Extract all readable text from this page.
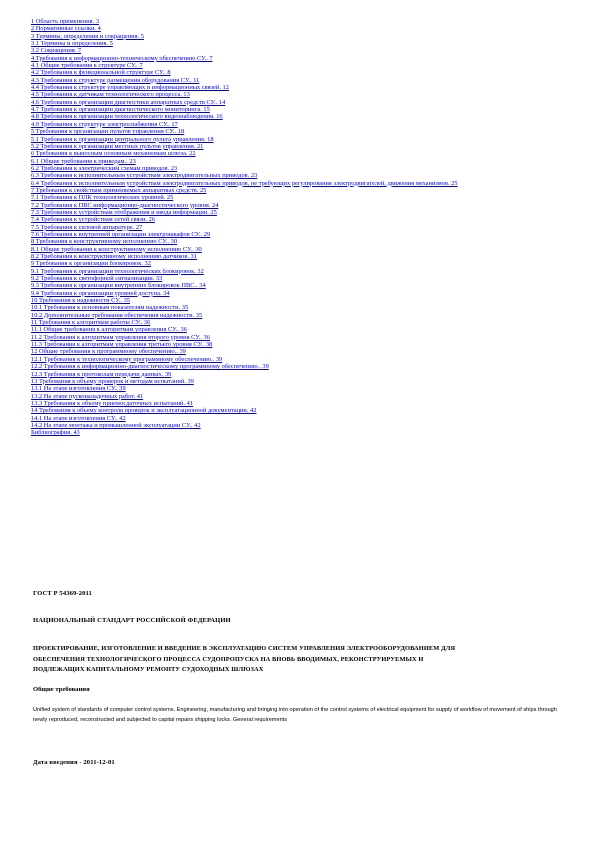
1 Область применения. 3
2 Нормативные ссылки. 4
3 Термины, определения и сокращения. 5
3.1 Термины и определения. 5
3.2 Сокращения. 7
4 Требования к информационно-техническому обеспечению СУ.. 7
4.1 Общие требования к структуре СУ.. 7
4.2 Требования к функциональной структуре СУ.. 8
4.3 Требования к структуре размещения оборудования СУ.. 11
4.4 Требования к структуре управляющих и информационных связей. 12
4.5 Требования к датчикам технологического процесса. 13
4.6 Требования к организации диагностики аппаратных средств СУ.. 14
4.7 Требования к организации диагностического мониторинга. 15
4.8 Требования к организации технологического видеонаблюдения. 16
4.9 Требования к структуре электроснабжения СУ.. 17
5 Требования к организации пультов управления СУ.. 18
5.1 Требования к организации центрального пульта управления. 18
5.2 Требования к организации местных пультов управления. 21
6 Требования к выносным основным механизмам шлюза. 22
6.1 Общие требования к приводам.. 23
6.2 Требования к электрическим схемам приводов. 23
6.3 Требования к исполнительным устройствам электродвигательных приводов. 23
6.4 Требования к исполнительным устройствам электродвигательных приводов, не требующих регулирования электродвигателей, движения механизмов. 25
7 Требования к свойствам применяемых аппаратных средств. 25
7.1 Требования к ПЛК технологических уровней. 25
7.2 Требования к ПВС информационно-диагностического уровня. 24
7.3 Требования к устройствам отображения и ввода информации. 25
7.4 Требования к устройствам сетей связи. 26
7.5 Требования к силовой аппаратуре. 27
7.6 Требования к внутренней организации электрошкафов СУ.. 29
8 Требования к конструктивному исполнению СУ.. 30
8.1 Общие требования к конструктивному исполнению СУ.. 30
8.2 Требования к конструктивному исполнению датчиков. 31
9 Требования к организации блокировок. 32
9.1 Требования к организации технологических блокировок. 32
9.2 Требования к светофорной сигнализации. 33
9.3 Требования к организации внутренних блокировок ПВС.. 34
9.4 Требования к организации уровней доступа. 34
10 Требования к надежности СУ.. 35
10.1 Требования к основным показателям надежности. 35
10.2 Дополнительные требования обеспечения надежности. 35
11 Требования к алгоритмам работы СУ.. 36
11.1 Общие требования к алгоритмам управления СУ.. 36
11.2 Требования к алгоритмам управления второго уровня СУ.. 36
11.3 Требования к алгоритмам управления третьего уровня СУ.. 38
12 Общие требования к программному обеспечению.. 39
12.1 Требования к технологическому программному обеспечению.. 39
12.2 Требования к информационно-диагностическому программному обеспечению.. 39
12.3 Требования к протоколам передачи данных. 39
13 Требования к объему проверок и методам испытаний. 39
13.1 На этапе изготовления СУ.. 39
13.2 На этапе пусконаладочных работ. 41
13.3 Требования к объему приемосдаточных испытаний. 41
14 Требования к объему контроля проверок и эксплуатационной документации. 42
14.1 На этапе изготовления СУ.. 42
14.2 На этапе монтажа и промышленной эксплуатации СУ.. 42
Библиография. 43
ГОСТ Р 54369-2011
НАЦИОНАЛЬНЫЙ СТАНДАРТ РОССИЙСКОЙ ФЕДЕРАЦИИ
ПРОЕКТИРОВАНИЕ, ИЗГОТОВЛЕНИЕ И ВВЕДЕНИЕ В ЭКСПЛУАТАЦИЮ СИСТЕМ УПРАВЛЕНИЯ ЭЛЕКТРООБОРУДОВАНИЕМ ДЛЯ ОБЕСПЕЧЕНИЯ ТЕХНОЛОГИЧЕСКОГО ПРОЦЕССА СУДОПРОПУСКА НА ВНОВЬ ВВОДИМЫХ, РЕКОНСТРУИРУЕМЫХ И ПОДЛЕЖАЩИХ КАПИТАЛЬНОМУ РЕМОНТУ СУДОХОДНЫХ ШЛЮЗАХ
Общие требования
Unified system of standards of computer control systems. Engineering, manufacturing and bringing into operation of the control systems of electrical equipment for supply of workflow of movement of ships through newly reproduced, reconstructed and subjected to capital repairs shipping locks. General requirements
Дата введения - 2011-12-01
